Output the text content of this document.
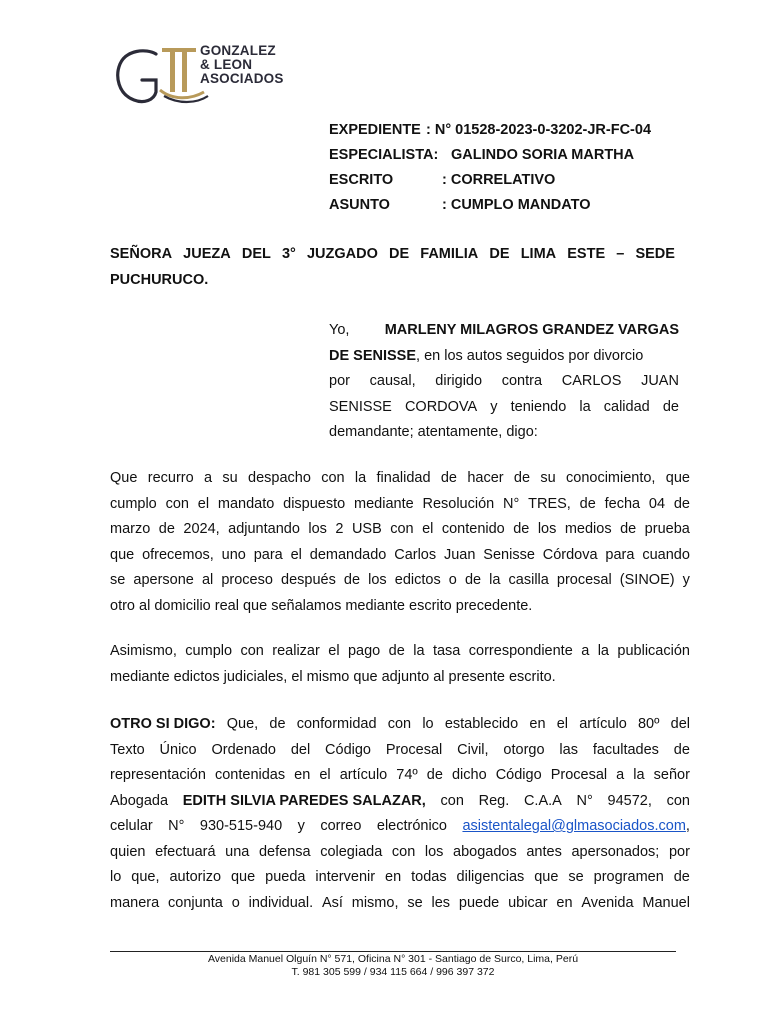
GONZALEZ
& LEON
ASOCIADOS
EXPEDIENTE : N° 01528-2023-0-3202-JR-FC-04
ESPECIALISTA: GALINDO SORIA MARTHA
ESCRITO	: CORRELATIVO
ASUNTO	: CUMPLO MANDATO
SEÑORA JUEZA DEL 3° JUZGADO DE FAMILIA DE LIMA ESTE – SEDE
PUCHURUCO.
Yo, MARLENY MILAGROS GRANDEZ VARGAS
DE SENISSE, en los autos seguidos por divorcio
por causal, dirigido contra CARLOS JUAN
SENISSE CORDOVA y teniendo la calidad de
demandante; atentamente, digo:
Que recurro a su despacho con la finalidad de hacer de su conocimiento, que
cumplo con el mandato dispuesto mediante Resolución N° TRES, de fecha 04 de
marzo de 2024, adjuntando los 2 USB con el contenido de los medios de prueba
que ofrecemos, uno para el demandado Carlos Juan Senisse Córdova para cuando
se apersone al proceso después de los edictos o de la casilla procesal (SINOE) y
otro al domicilio real que señalamos mediante escrito precedente.
Asimismo, cumplo con realizar el pago de la tasa correspondiente a la publicación
mediante edictos judiciales, el mismo que adjunto al presente escrito.
OTRO SI DIGO: Que, de conformidad con lo establecido en el artículo 80º del
Texto Único Ordenado del Código Procesal Civil, otorgo las facultades de
representación contenidas en el artículo 74º de dicho Código Procesal a la señor
Abogada EDITH SILVIA PAREDES SALAZAR, con Reg. C.A.A N° 94572, con
celular N° 930-515-940 y correo electrónico asistentalegal@glmasociados.com,
quien efectuará una defensa colegiada con los abogados antes apersonados; por
lo que, autorizo que pueda intervenir en todas diligencias que se programen de
manera conjunta o individual. Así mismo, se les puede ubicar en Avenida Manuel
Avenida Manuel Olguín N° 571, Oficina N° 301 - Santiago de Surco, Lima, Perú
T. 981 305 599 / 934 115 664 / 996 397 372
